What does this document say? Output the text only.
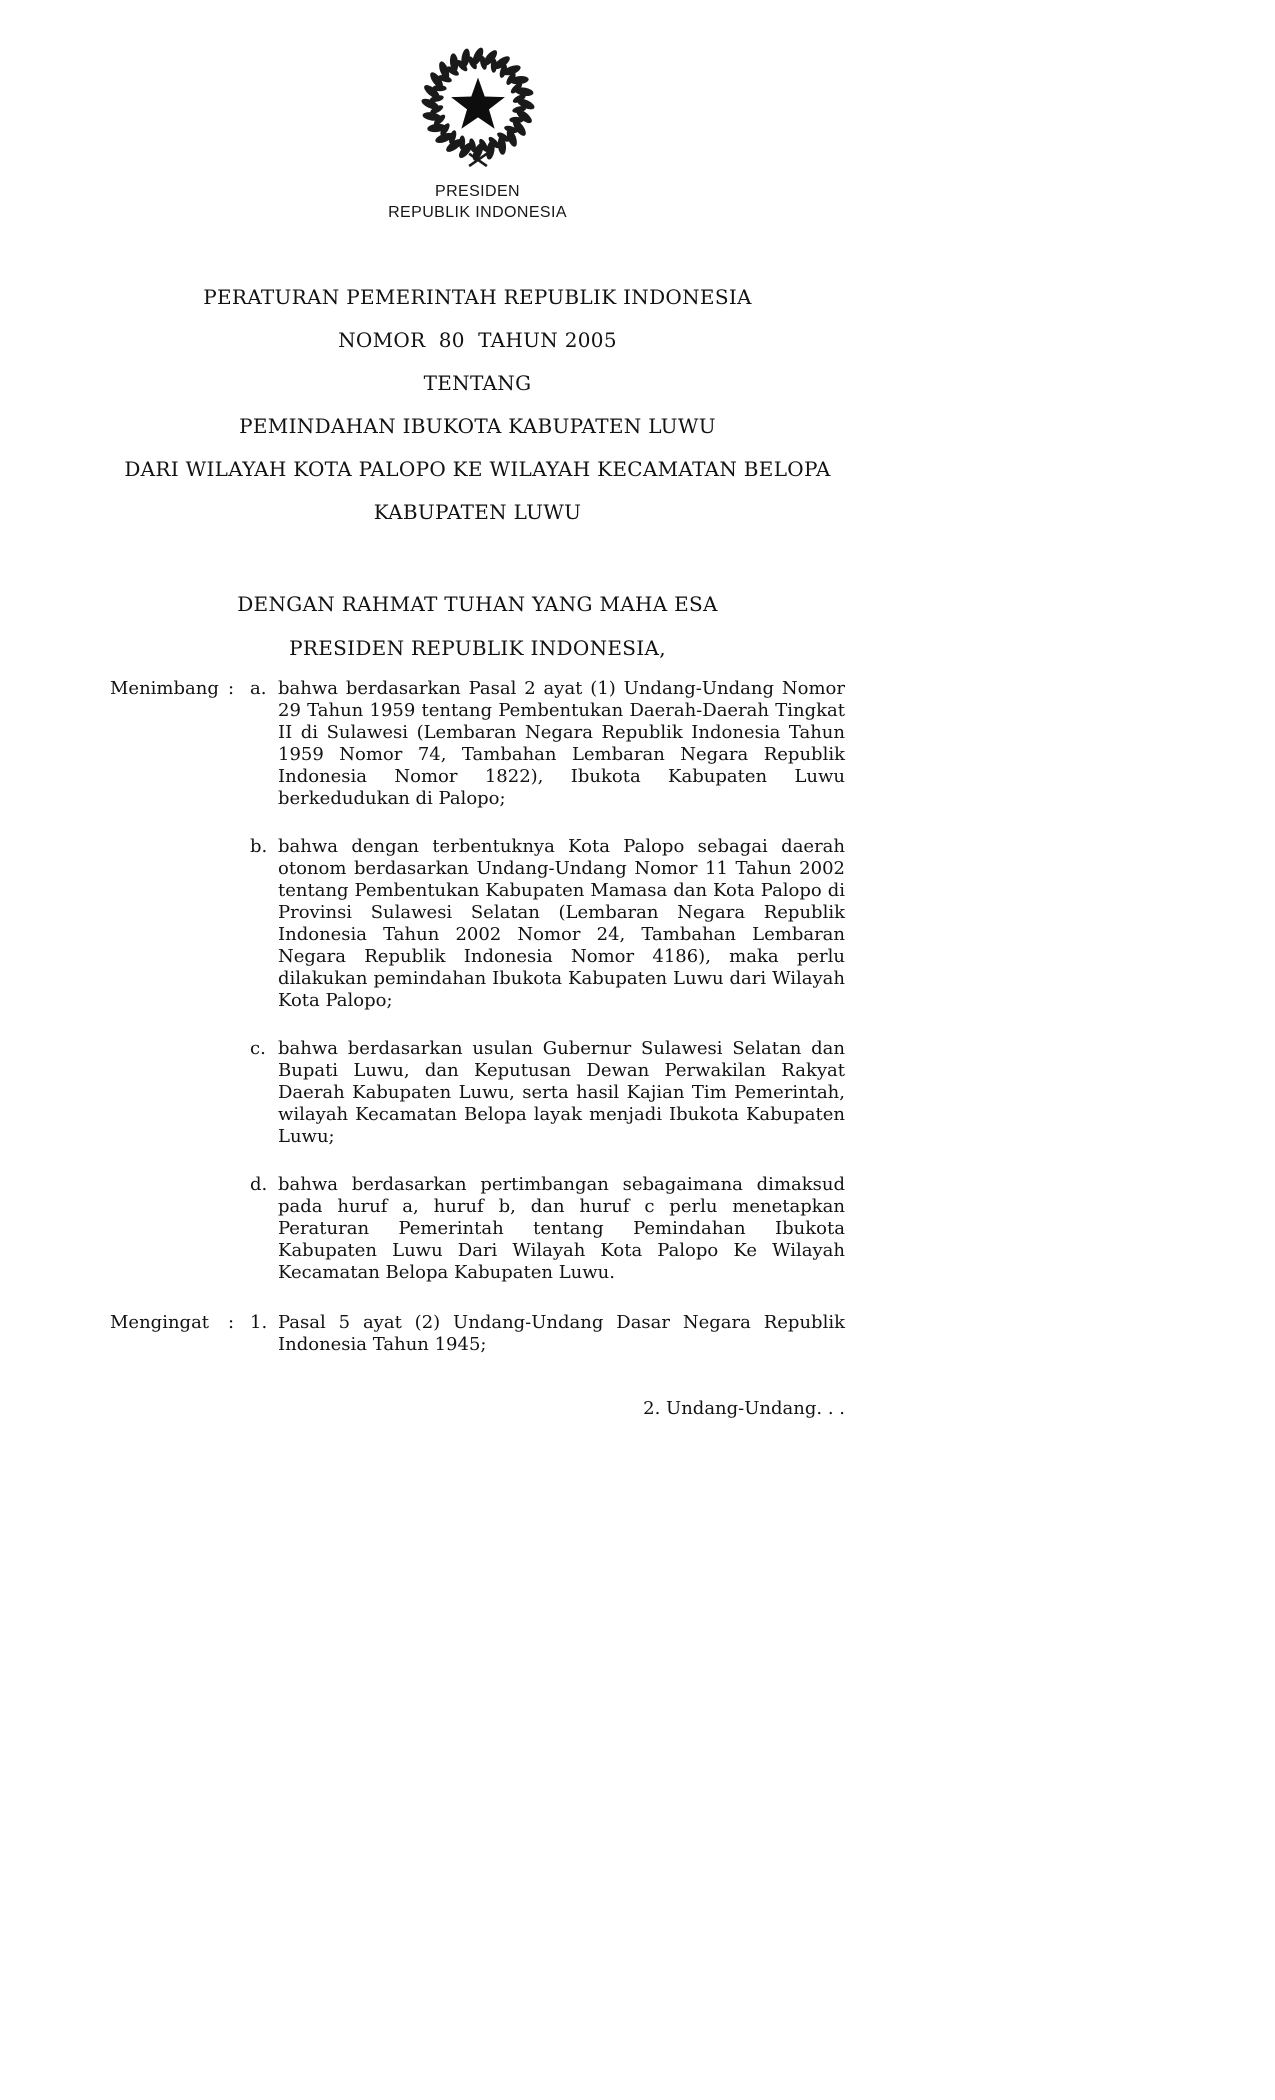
PRESIDEN
REPUBLIK INDONESIA
PERATURAN PEMERINTAH REPUBLIK INDONESIA
NOMOR  80  TAHUN 2005
TENTANG
PEMINDAHAN IBUKOTA KABUPATEN LUWU
DARI WILAYAH KOTA PALOPO KE WILAYAH KECAMATAN BELOPA
KABUPATEN LUWU

DENGAN RAHMAT TUHAN YANG MAHA ESA

PRESIDEN REPUBLIK INDONESIA,

Menimbang : a. bahwa berdasarkan Pasal 2 ayat (1) Undang-Undang Nomor 29 Tahun 1959 tentang Pembentukan Daerah-Daerah Tingkat II di Sulawesi (Lembaran Negara Republik Indonesia Tahun 1959 Nomor 74, Tambahan Lembaran Negara Republik Indonesia Nomor 1822), Ibukota Kabupaten Luwu berkedudukan di Palopo;
b. bahwa dengan terbentuknya Kota Palopo sebagai daerah otonom berdasarkan Undang-Undang Nomor 11 Tahun 2002 tentang Pembentukan Kabupaten Mamasa dan Kota Palopo di Provinsi Sulawesi Selatan (Lembaran Negara Republik Indonesia Tahun 2002 Nomor 24, Tambahan Lembaran Negara Republik Indonesia Nomor 4186), maka perlu dilakukan pemindahan Ibukota Kabupaten Luwu dari Wilayah Kota Palopo;
c. bahwa berdasarkan usulan Gubernur Sulawesi Selatan dan Bupati Luwu, dan Keputusan Dewan Perwakilan Rakyat Daerah Kabupaten Luwu, serta hasil Kajian Tim Pemerintah, wilayah Kecamatan Belopa layak menjadi Ibukota Kabupaten Luwu;
d. bahwa berdasarkan pertimbangan sebagaimana dimaksud pada huruf a, huruf b, dan huruf c perlu menetapkan Peraturan Pemerintah tentang Pemindahan Ibukota Kabupaten Luwu Dari Wilayah Kota Palopo Ke Wilayah Kecamatan Belopa Kabupaten Luwu.
Mengingat	: 1. Pasal 5 ayat (2) Undang-Undang Dasar Negara Republik Indonesia Tahun 1945;
2. Undang-Undang. . .
